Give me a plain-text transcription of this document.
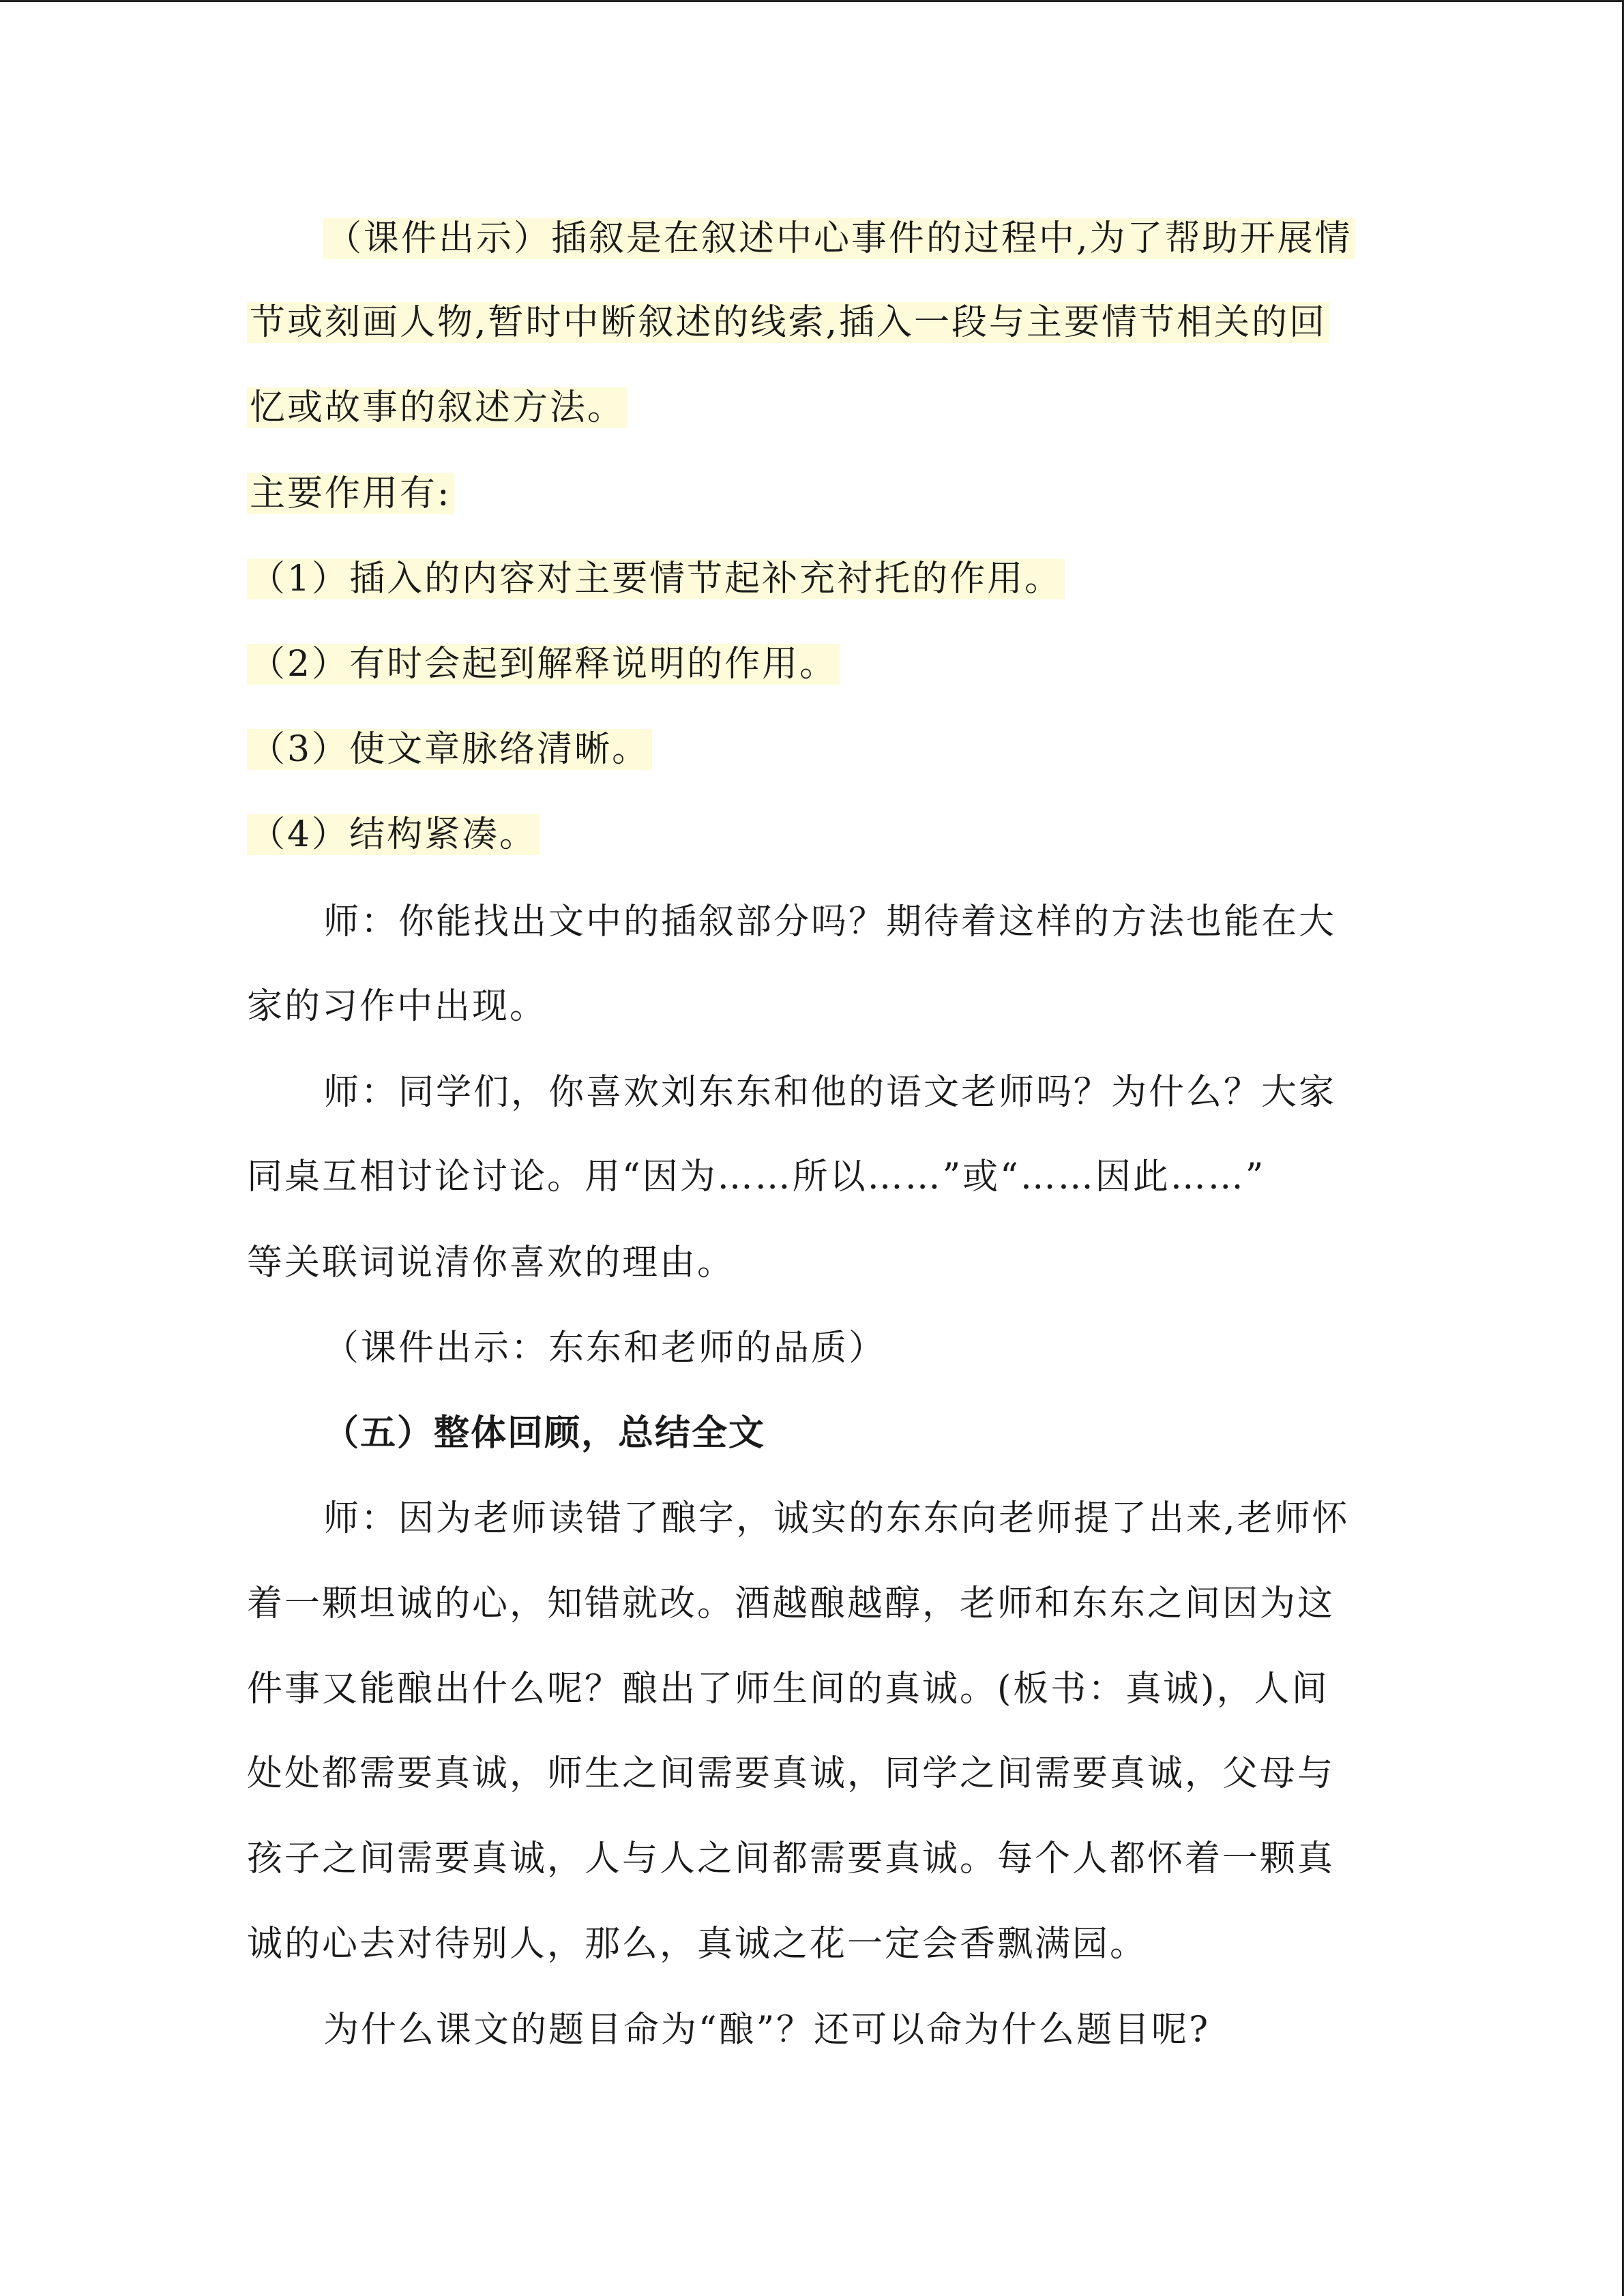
（课件出示）插叙是在叙述中心事件的过程中,为了帮助开展情
节或刻画人物,暂时中断叙述的线索,插入一段与主要情节相关的回
忆或故事的叙述方法。
主要作用有:
（1）插入的内容对主要情节起补充衬托的作用。
（2）有时会起到解释说明的作用。
（3）使文章脉络清晰。
（4）结构紧凑。
师：你能找出文中的插叙部分吗？期待着这样的方法也能在大
家的习作中出现。
师：同学们，你喜欢刘东东和他的语文老师吗？为什么？大家
同桌互相讨论讨论。用“因为……所以……”或“……因此……”
等关联词说清你喜欢的理由。
（课件出示：东东和老师的品质）
（五）整体回顾，总结全文
师：因为老师读错了酿字，诚实的东东向老师提了出来,老师怀
着一颗坦诚的心，知错就改。酒越酿越醇，老师和东东之间因为这
件事又能酿出什么呢？酿出了师生间的真诚。(板书：真诚)，人间
处处都需要真诚，师生之间需要真诚，同学之间需要真诚，父母与
孩子之间需要真诚，人与人之间都需要真诚。每个人都怀着一颗真
诚的心去对待别人，那么，真诚之花一定会香飘满园。
为什么课文的题目命为“酿”？还可以命为什么题目呢?
